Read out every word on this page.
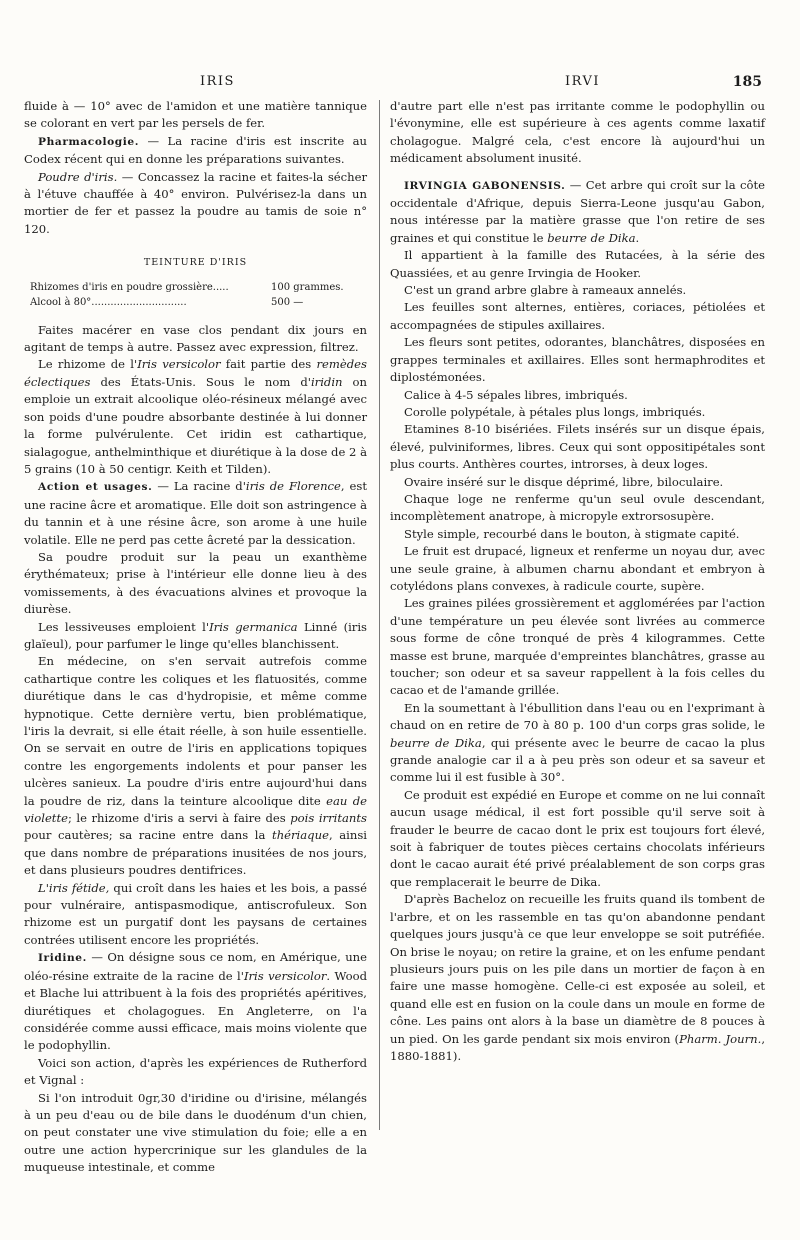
IRIS	IRVI	185

fluide à — 10° avec de l'amidon et une matière tannique se colorant en vert par les persels de fer.

Pharmacologie. — La racine d'iris est inscrite au Codex récent qui en donne les préparations suivantes.

Poudre d'iris. — Concassez la racine et faites-la sécher à l'étuve chauffée à 40° environ. Pulvérisez-la dans un mortier de fer et passez la poudre au tamis de soie n° 120.

TEINTURE D'IRIS

Rhizomes d'iris en poudre grossière.....	100 grammes.
Alcool à 80°..............................	500 —

Faites macérer en vase clos pendant dix jours en agitant de temps à autre. Passez avec expression, filtrez.

Le rhizome de l'Iris versicolor fait partie des remèdes éclectiques des États-Unis. Sous le nom d'iridin on emploie un extrait alcoolique oléo-résineux mélangé avec son poids d'une poudre absorbante destinée à lui donner la forme pulvérulente. Cet iridin est cathartique, sialagogue, anthelminthique et diurétique à la dose de 2 à 5 grains (10 à 50 centigr. Keith et Tilden).

Action et usages. — La racine d'iris de Florence, est une racine âcre et aromatique. Elle doit son astringence à du tannin et à une résine âcre, son arome à une huile volatile. Elle ne perd pas cette âcreté par la dessication.

Sa poudre produit sur la peau un exanthème érythémateux; prise à l'intérieur elle donne lieu à des vomissements, à des évacuations alvines et provoque la diurèse.

Les lessiveuses emploient l'Iris germanica Linné (iris glaïeul), pour parfumer le linge qu'elles blanchissent.

En médecine, on s'en servait autrefois comme cathartique contre les coliques et les flatuosités, comme diurétique dans le cas d'hydropisie, et même comme hypnotique. Cette dernière vertu, bien problématique, l'iris la devrait, si elle était réelle, à son huile essentielle. On se servait en outre de l'iris en applications topiques contre les engorgements indolents et pour panser les ulcères sanieux. La poudre d'iris entre aujourd'hui dans la poudre de riz, dans la teinture alcoolique dite eau de violette; le rhizome d'iris a servi à faire des pois irritants pour cautères; sa racine entre dans la thériaque, ainsi que dans nombre de préparations inusitées de nos jours, et dans plusieurs poudres dentifrices.

L'iris fétide, qui croît dans les haies et les bois, a passé pour vulnéraire, antispasmodique, antiscrofuleux. Son rhizome est un purgatif dont les paysans de certaines contrées utilisent encore les propriétés.

Iridine. — On désigne sous ce nom, en Amérique, une oléo-résine extraite de la racine de l'Iris versicolor. Wood et Blache lui attribuent à la fois des propriétés apéritives, diurétiques et cholagogues. En Angleterre, on l'a considérée comme aussi efficace, mais moins violente que le podophyllin.

Voici son action, d'après les expériences de Rutherford et Vignal :

Si l'on introduit 0gr,30 d'iridine ou d'irisine, mélangés à un peu d'eau ou de bile dans le duodénum d'un chien, on peut constater une vive stimulation du foie; elle a en outre une action hypercrinique sur les glandules de la muqueuse intestinale, et comme

d'autre part elle n'est pas irritante comme le podophyllin ou l'évonymine, elle est supérieure à ces agents comme laxatif cholagogue. Malgré cela, c'est encore là aujourd'hui un médicament absolument inusité.

IRVINGIA GABONENSIS. — Cet arbre qui croît sur la côte occidentale d'Afrique, depuis Sierra-Leone jusqu'au Gabon, nous intéresse par la matière grasse que l'on retire de ses graines et qui constitue le beurre de Dika.

Il appartient à la famille des Rutacées, à la série des Quassiées, et au genre Irvingia de Hooker.

C'est un grand arbre glabre à rameaux annelés.

Les feuilles sont alternes, entières, coriaces, pétiolées et accompagnées de stipules axillaires.

Les fleurs sont petites, odorantes, blanchâtres, disposées en grappes terminales et axillaires. Elles sont hermaphrodites et diplostémonées.

Calice à 4-5 sépales libres, imbriqués.

Corolle polypétale, à pétales plus longs, imbriqués.

Etamines 8-10 bisériées. Filets insérés sur un disque épais, élevé, pulviniformes, libres. Ceux qui sont oppositipétales sont plus courts. Anthères courtes, introrses, à deux loges.

Ovaire inséré sur le disque déprimé, libre, biloculaire.

Chaque loge ne renferme qu'un seul ovule descendant, incomplètement anatrope, à micropyle extrorsosupère.

Style simple, recourbé dans le bouton, à stigmate capité.

Le fruit est drupacé, ligneux et renferme un noyau dur, avec une seule graine, à albumen charnu abondant et embryon à cotylédons plans convexes, à radicule courte, supère.

Les graines pilées grossièrement et agglomérées par l'action d'une température un peu élevée sont livrées au commerce sous forme de cône tronqué de près 4 kilogrammes. Cette masse est brune, marquée d'empreintes blanchâtres, grasse au toucher; son odeur et sa saveur rappellent à la fois celles du cacao et de l'amande grillée.

En la soumettant à l'ébullition dans l'eau ou en l'exprimant à chaud on en retire de 70 à 80 p. 100 d'un corps gras solide, le beurre de Dika, qui présente avec le beurre de cacao la plus grande analogie car il a à peu près son odeur et sa saveur et comme lui il est fusible à 30°.

Ce produit est expédié en Europe et comme on ne lui connaît aucun usage médical, il est fort possible qu'il serve soit à frauder le beurre de cacao dont le prix est toujours fort élevé, soit à fabriquer de toutes pièces certains chocolats inférieurs dont le cacao aurait été privé préalablement de son corps gras que remplacerait le beurre de Dika.

D'après Bacheloz on recueille les fruits quand ils tombent de l'arbre, et on les rassemble en tas qu'on abandonne pendant quelques jours jusqu'à ce que leur enveloppe se soit putréfiée. On brise le noyau; on retire la graine, et on les enfume pendant plusieurs jours puis on les pile dans un mortier de façon à en faire une masse homogène. Celle-ci est exposée au soleil, et quand elle est en fusion on la coule dans un moule en forme de cône. Les pains ont alors à la base un diamètre de 8 pouces à un pied. On les garde pendant six mois environ (Pharm. Journ., 1880-1881).
